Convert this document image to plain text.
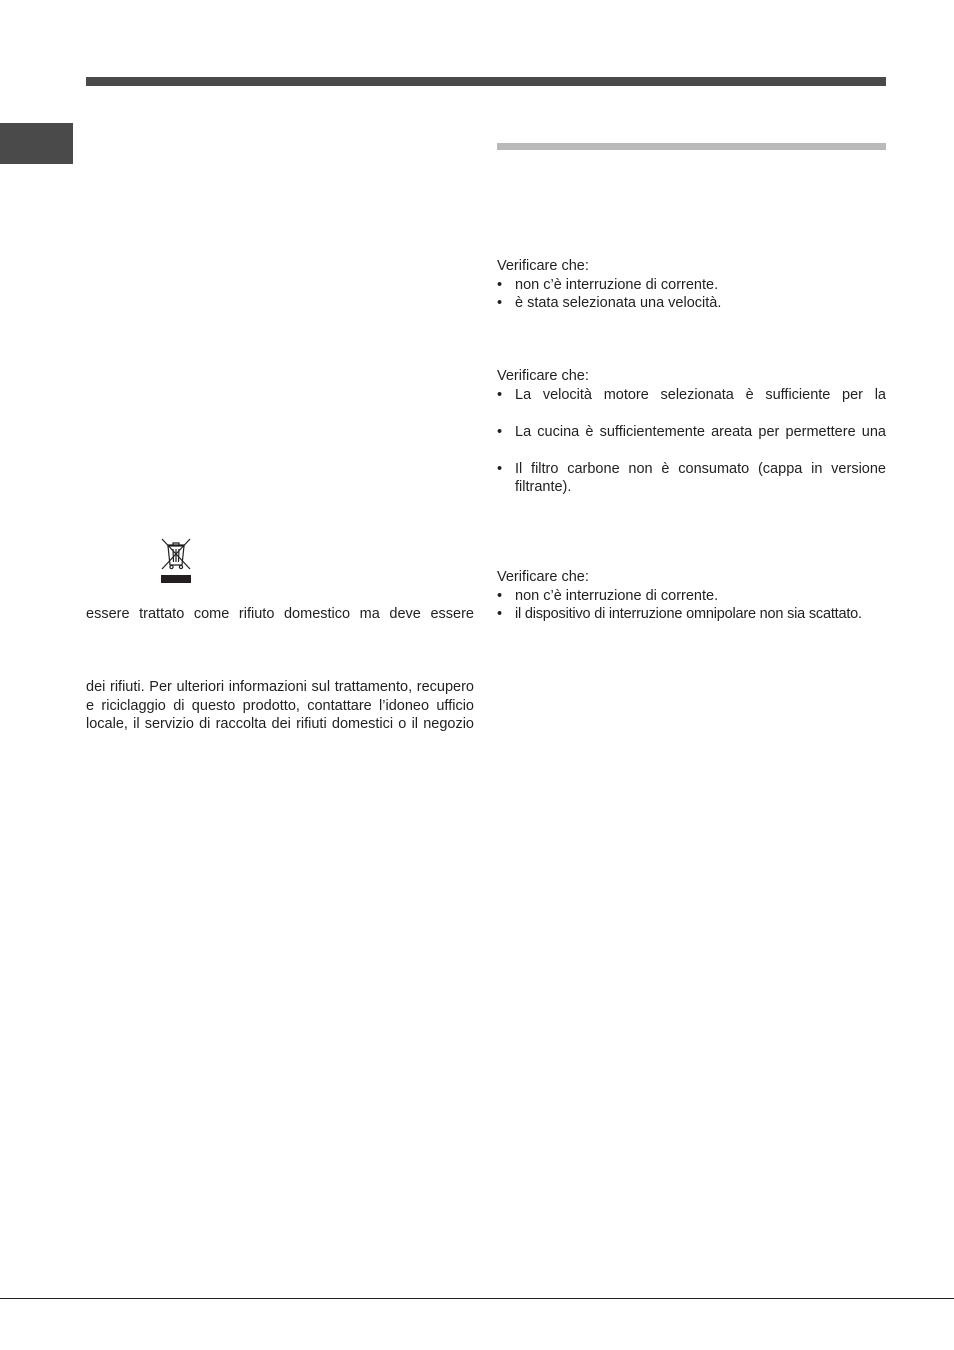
Verificare che:
• non c’è interruzione di corrente.
• è stata selezionata una velocità.
Verificare che:
• La velocità motore selezionata è sufficiente per la
• La cucina è sufficientemente areata per permettere una
• Il filtro carbone non è consumato (cappa in versione filtrante).
Verificare che:
• non c’è interruzione di corrente.
• il dispositivo di interruzione omnipolare non sia scattato.

essere trattato come rifiuto domestico ma deve essere

dei rifiuti. Per ulteriori informazioni sul trattamento, recupero e riciclaggio di questo prodotto, contattare l’idoneo ufficio locale, il servizio di raccolta dei rifiuti domestici o il negozio
